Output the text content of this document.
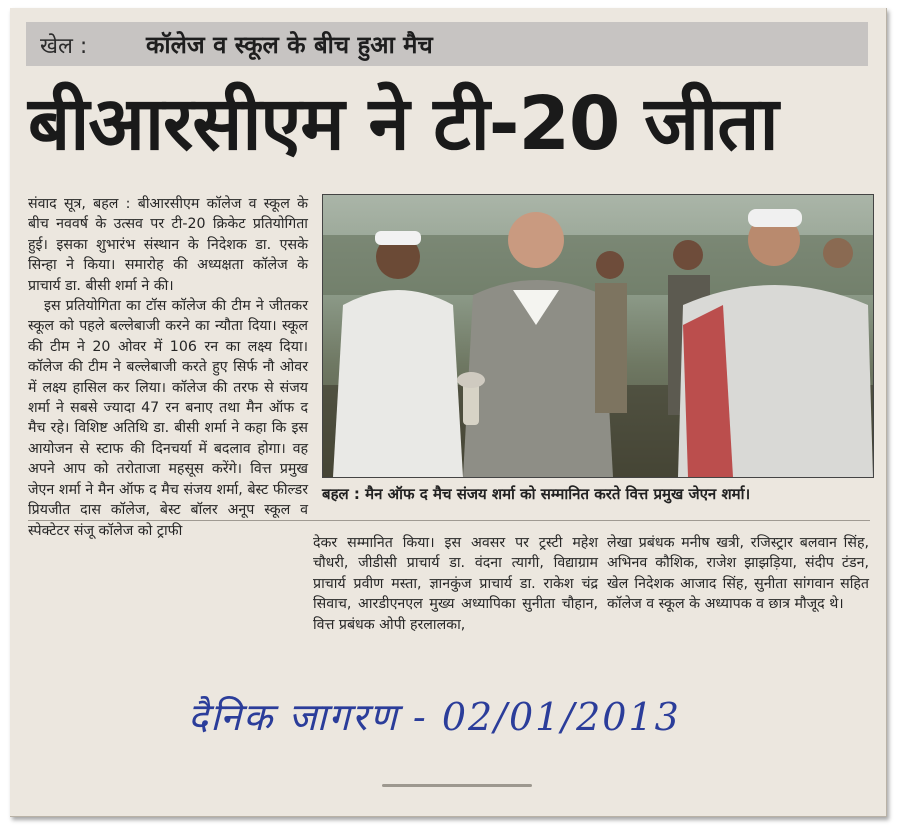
खेल : कॉलेज व स्कूल के बीच हुआ मैच
बीआरसीएम ने टी-20 जीता

संवाद सूत्र, बहल : बीआरसीएम कॉलेज व स्कूल के बीच नववर्ष के उत्सव पर टी-20 क्रिकेट प्रतियोगिता हुई। इसका शुभारंभ संस्थान के निदेशक डा. एसके सिन्हा ने किया। समारोह की अध्यक्षता कॉलेज के प्राचार्य डा. बीसी शर्मा ने की।

इस प्रतियोगिता का टॉस कॉलेज की टीम ने जीतकर स्कूल को पहले बल्लेबाजी करने का न्यौता दिया। स्कूल की टीम ने 20 ओवर में 106 रन का लक्ष्य दिया। कॉलेज की टीम ने बल्लेबाजी करते हुए सिर्फ नौ ओवर में लक्ष्य हासिल कर लिया। कॉलेज की तरफ से संजय शर्मा ने सबसे ज्यादा 47 रन बनाए तथा मैन ऑफ द मैच रहे। विशिष्ट अतिथि डा. बीसी शर्मा ने कहा कि इस आयोजन से स्टाफ की दिनचर्या में बदलाव होगा। वह अपने आप को तरोताजा महसूस करेंगे। वित्त प्रमुख जेएन शर्मा ने मैन ऑफ द मैच संजय शर्मा, बेस्ट फील्डर प्रियजीत दास कॉलेज, बेस्ट बॉलर अनूप स्कूल व स्पेक्टेटर संजू कॉलेज को ट्राफी

बहल : मैन ऑफ द मैच संजय शर्मा को सम्मानित करते वित्त प्रमुख जेएन शर्मा।

देकर सम्मानित किया। इस अवसर पर ट्रस्टी महेश चौधरी, जीडीसी प्राचार्य डा. वंदना त्यागी, विद्याग्राम प्राचार्य प्रवीण मस्ता, ज्ञानकुंज प्राचार्य डा. राकेश चंद्र सिवाच, आरडीएनएल मुख्य अध्यापिका सुनीता चौहान, वित्त प्रबंधक ओपी हरलालका,

लेखा प्रबंधक मनीष खत्री, रजिस्ट्रार बलवान सिंह, अभिनव कौशिक, राजेश झाझड़िया, संदीप टंडन, खेल निदेशक आजाद सिंह, सुनीता सांगवान सहित कॉलेज व स्कूल के अध्यापक व छात्र मौजूद थे।

दैनिक जागरण - 02/01/2013
